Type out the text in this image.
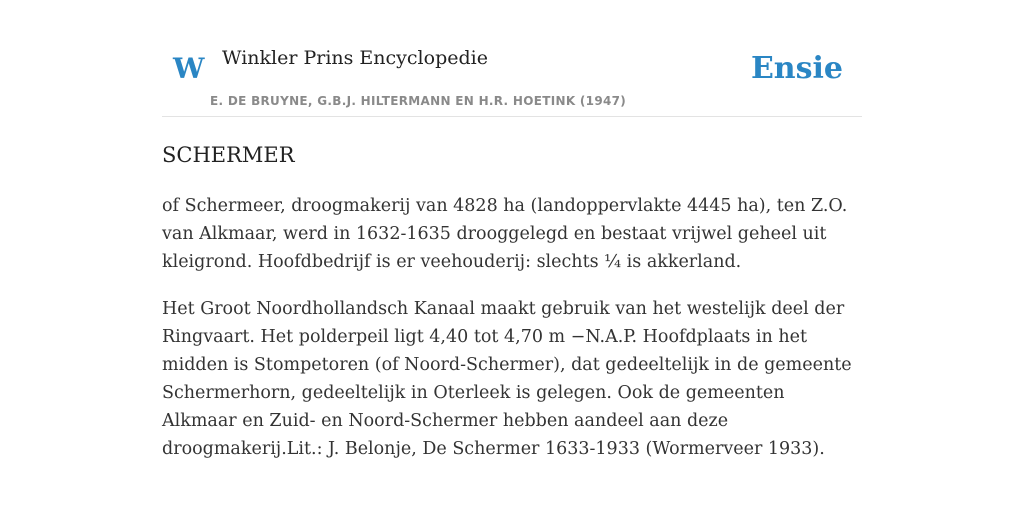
W Winkler Prins Encyclopedie
E. DE BRUYNE, G.B.J. HILTERMANN EN H.R. HOETINK (1947)
Ensie
SCHERMER

of Schermeer, droogmakerij van 4828 ha (landoppervlakte 4445 ha), ten Z.O. van Alkmaar, werd in 1632-1635 drooggelegd en bestaat vrijwel geheel uit kleigrond. Hoofdbedrijf is er veehouderij: slechts ¼ is akkerland.

Het Groot Noordhollandsch Kanaal maakt gebruik van het westelijk deel der Ringvaart. Het polderpeil ligt 4,40 tot 4,70 m −N.A.P. Hoofdplaats in het midden is Stompetoren (of Noord-Schermer), dat gedeeltelijk in de gemeente Schermerhorn, gedeeltelijk in Oterleek is gelegen. Ook de gemeenten Alkmaar en Zuid- en Noord-Schermer hebben aandeel aan deze droogmakerij.Lit.: J. Belonje, De Schermer 1633-1933 (Wormerveer 1933).
